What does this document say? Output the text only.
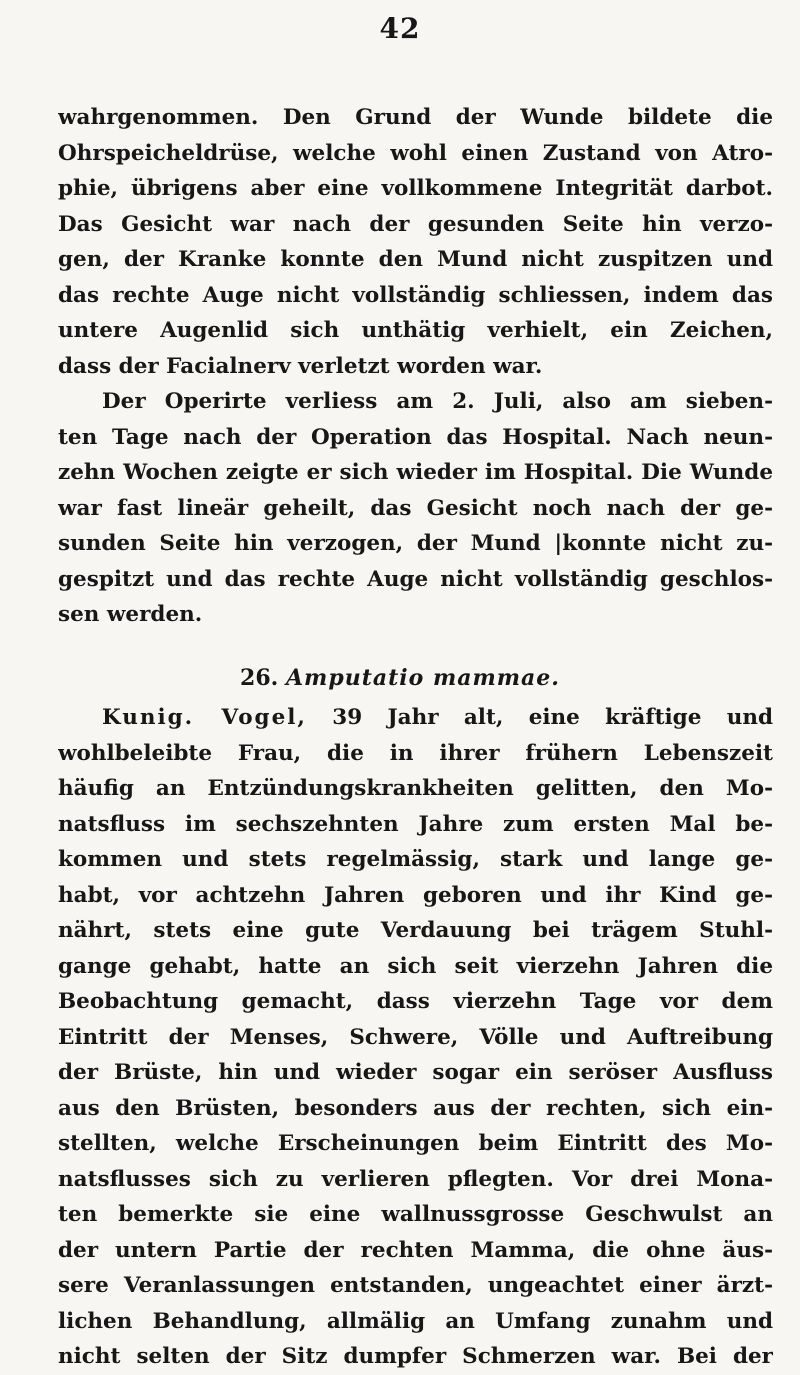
42
wahrgenommen. Den Grund der Wunde bildete die
Ohrspeicheldrüse, welche wohl einen Zustand von Atro-
phie, übrigens aber eine vollkommene Integrität darbot.
Das Gesicht war nach der gesunden Seite hin verzo-
gen, der Kranke konnte den Mund nicht zuspitzen und
das rechte Auge nicht vollständig schliessen, indem das
untere Augenlid sich unthätig verhielt, ein Zeichen,
dass der Facialnerv verletzt worden war.
Der Operirte verliess am 2. Juli, also am sieben-
ten Tage nach der Operation das Hospital. Nach neun-
zehn Wochen zeigte er sich wieder im Hospital. Die Wunde
war fast lineär geheilt, das Gesicht noch nach der ge-
sunden Seite hin verzogen, der Mund |konnte nicht zu-
gespitzt und das rechte Auge nicht vollständig geschlos-
sen werden.
26. Amputatio mammae.
Kunig. Vogel, 39 Jahr alt, eine kräftige und
wohlbeleibte Frau, die in ihrer frühern Lebenszeit
häufig an Entzündungskrankheiten gelitten, den Mo-
natsfluss im sechszehnten Jahre zum ersten Mal be-
kommen und stets regelmässig, stark und lange ge-
habt, vor achtzehn Jahren geboren und ihr Kind ge-
nährt, stets eine gute Verdauung bei trägem Stuhl-
gange gehabt, hatte an sich seit vierzehn Jahren die
Beobachtung gemacht, dass vierzehn Tage vor dem
Eintritt der Menses, Schwere, Völle und Auftreibung
der Brüste, hin und wieder sogar ein seröser Ausfluss
aus den Brüsten, besonders aus der rechten, sich ein-
stellten, welche Erscheinungen beim Eintritt des Mo-
natsflusses sich zu verlieren pflegten. Vor drei Mona-
ten bemerkte sie eine wallnussgrosse Geschwulst an
der untern Partie der rechten Mamma, die ohne äus-
sere Veranlassungen entstanden, ungeachtet einer ärzt-
lichen Behandlung, allmälig an Umfang zunahm und
nicht selten der Sitz dumpfer Schmerzen war. Bei der
